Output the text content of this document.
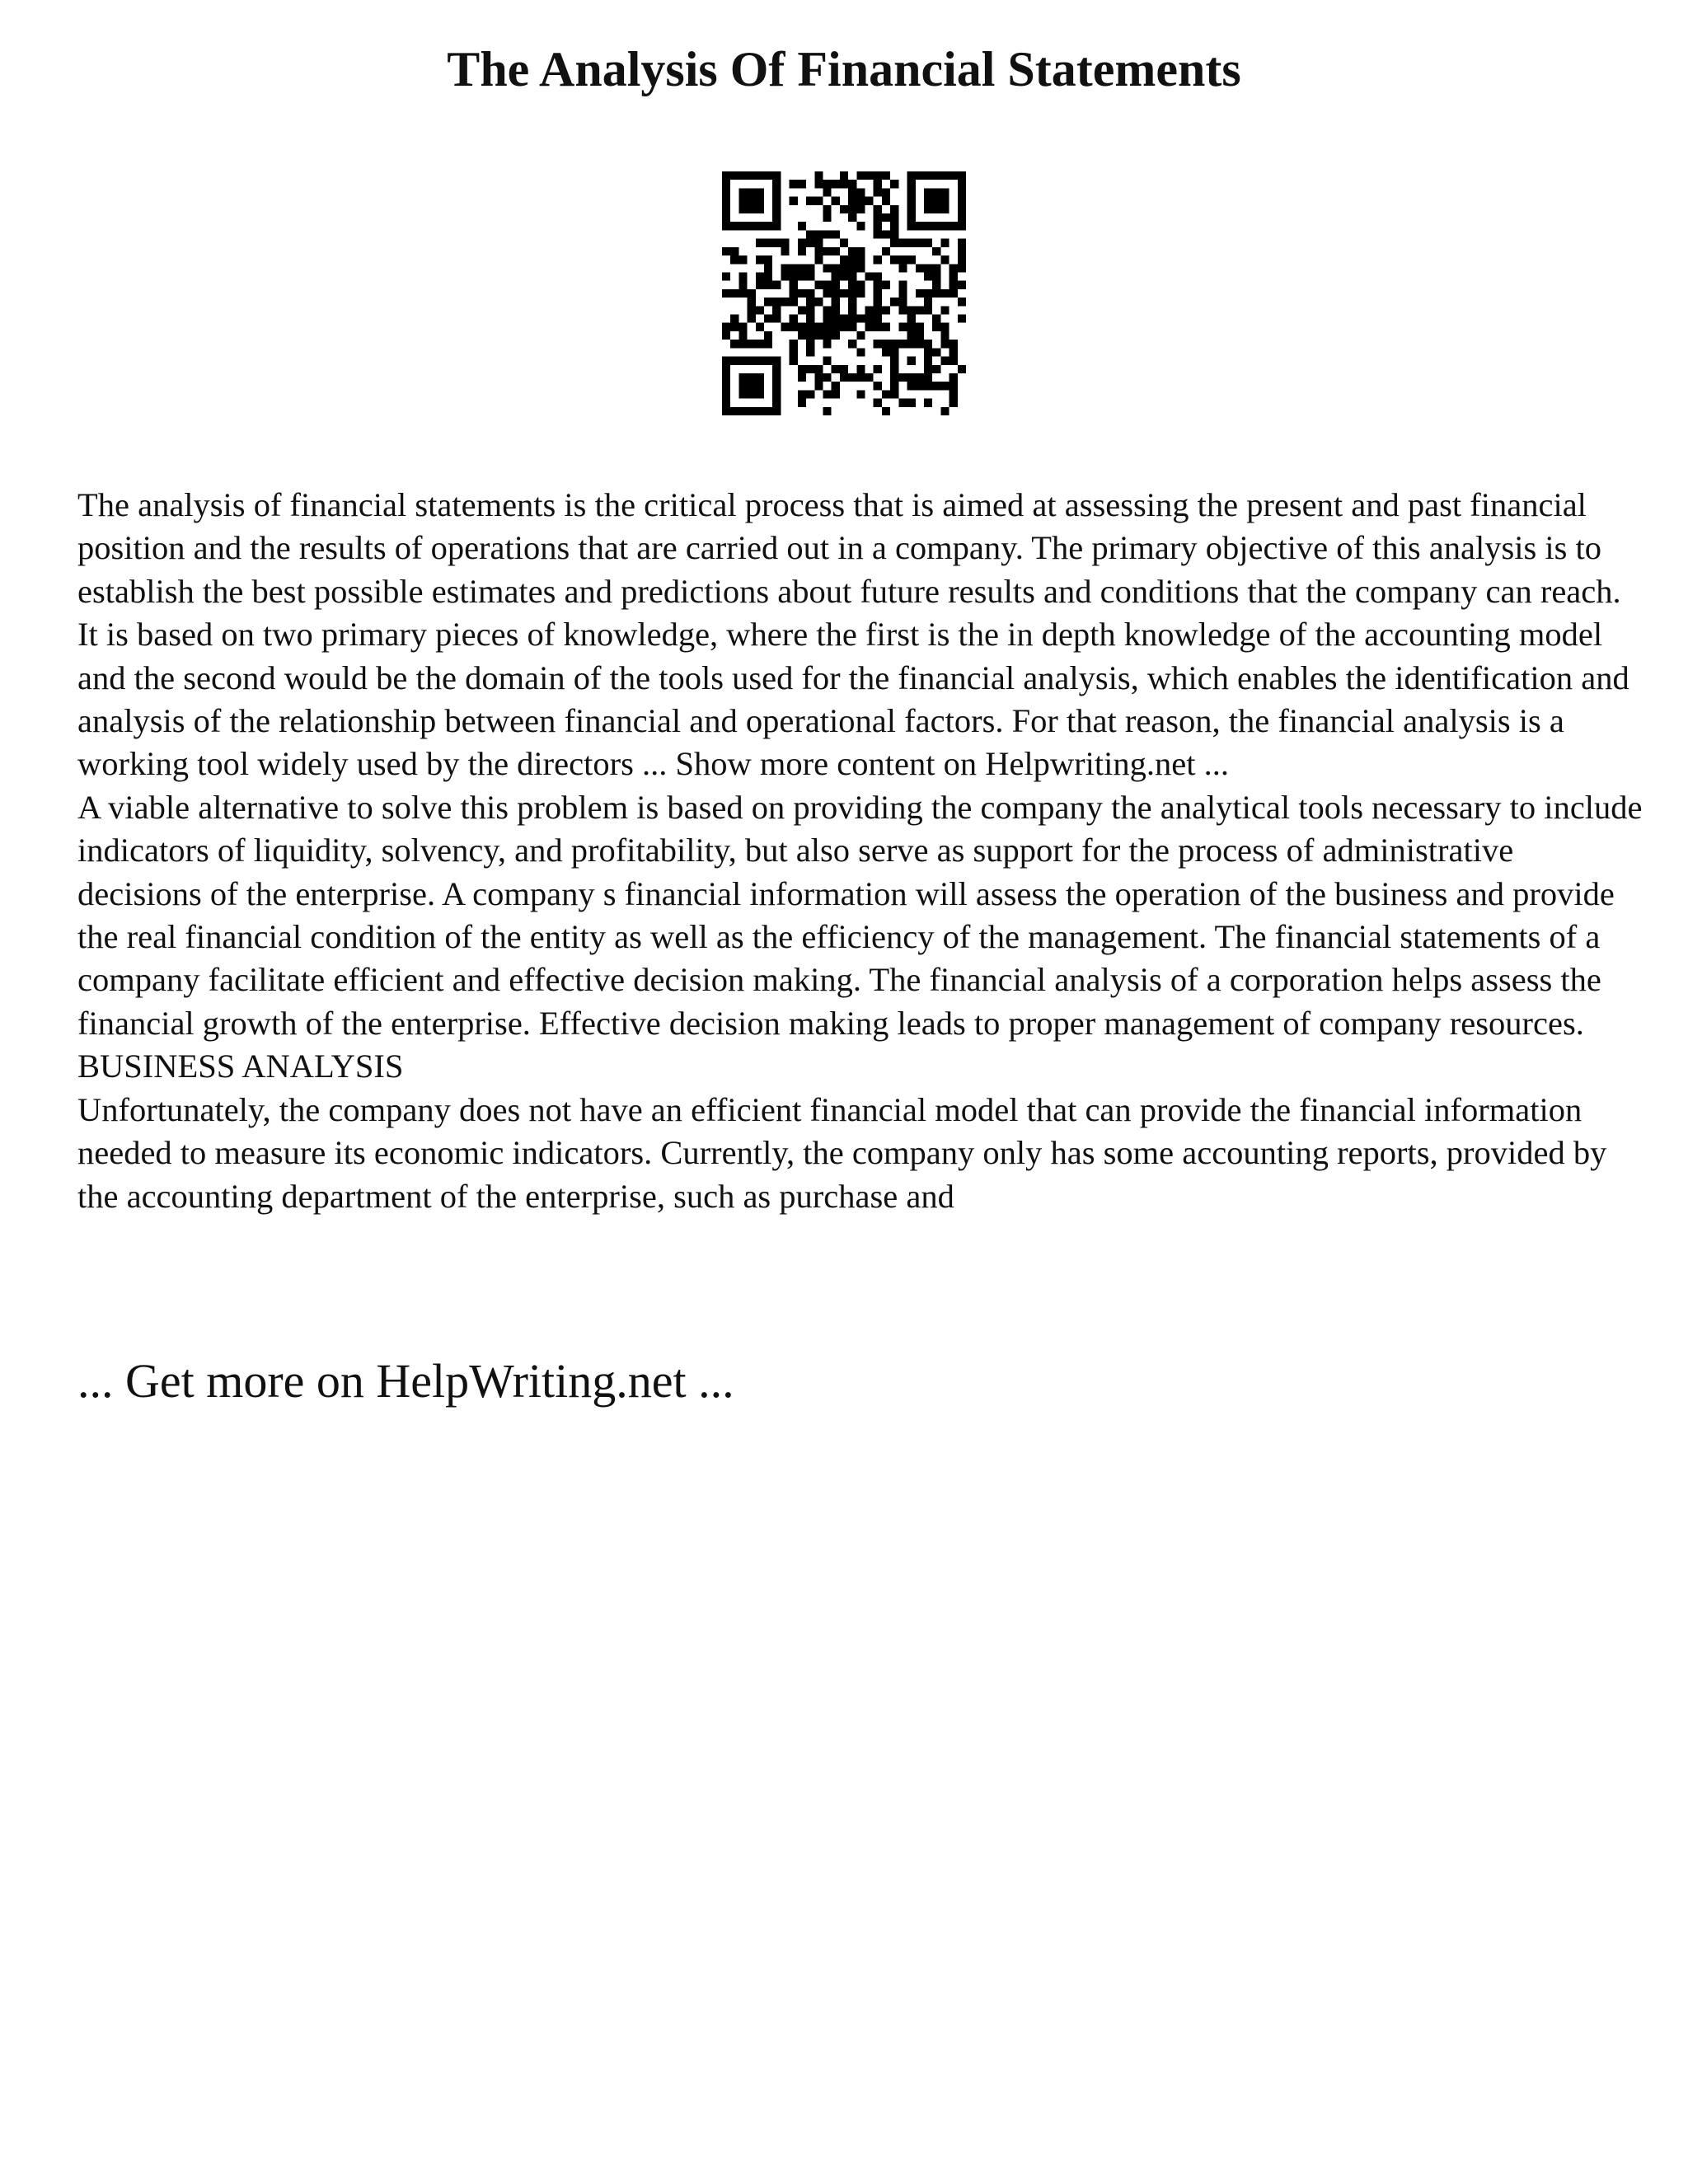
The Analysis Of Financial Statements

The analysis of financial statements is the critical process that is aimed at assessing the present and past financial position and the results of operations that are carried out in a company. The primary objective of this analysis is to establish the best possible estimates and predictions about future results and conditions that the company can reach. It is based on two primary pieces of knowledge, where the first is the in depth knowledge of the accounting model and the second would be the domain of the tools used for the financial analysis, which enables the identification and analysis of the relationship between financial and operational factors. For that reason, the financial analysis is a working tool widely used by the directors ... Show more content on Helpwriting.net ...

A viable alternative to solve this problem is based on providing the company the analytical tools necessary to include indicators of liquidity, solvency, and profitability, but also serve as support for the process of administrative decisions of the enterprise. A company s financial information will assess the operation of the business and provide the real financial condition of the entity as well as the efficiency of the management. The financial statements of a company facilitate efficient and effective decision making. The financial analysis of a corporation helps assess the financial growth of the enterprise. Effective decision making leads to proper management of company resources.

BUSINESS ANALYSIS

Unfortunately, the company does not have an efficient financial model that can provide the financial information needed to measure its economic indicators. Currently, the company only has some accounting reports, provided by the accounting department of the enterprise, such as purchase and

... Get more on HelpWriting.net ...
